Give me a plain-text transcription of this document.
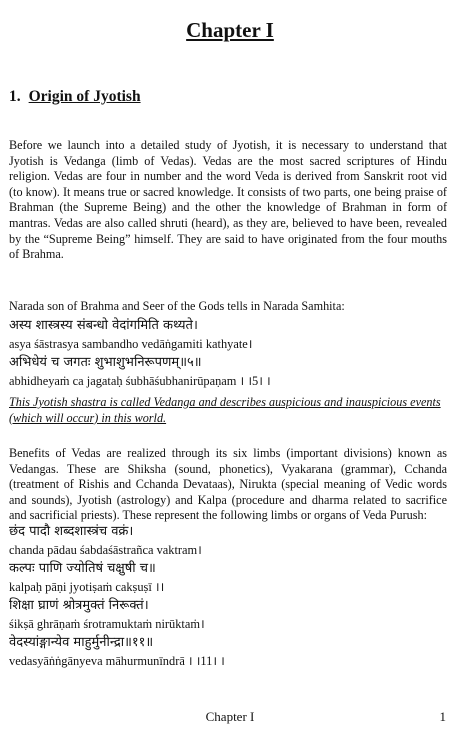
Chapter I
1. Origin of Jyotish

Before we launch into a detailed study of Jyotish, it is necessary to understand that Jyotish is Vedanga (limb of Vedas). Vedas are the most sacred scriptures of Hindu religion. Vedas are four in number and the word Veda is derived from Sanskrit root vid (to know). It means true or sacred knowledge. It consists of two parts, one being praise of Brahman (the Supreme Being) and the other the knowledge of Brahman in form of mantras. Vedas are also called shruti (heard), as they are, believed to have been, revealed by the “Supreme Being” himself. They are said to have originated from the four mouths of Brahma.

Narada son of Brahma and Seer of the Gods tells in Narada Samhita:

अस्य शास्त्रस्य संबन्धो वेदांगमिति कथ्यते।
asya śāstrasya sambandho vedāṅgamiti kathyate।
अभिधेयं च जगतः शुभाशुभनिरूपणम्॥५॥
abhidheyaṁ ca jagataḥ śubhāśubhanirūpaṇam । ।5। ।

This Jyotish shastra is called Vedanga and describes auspicious and inauspicious events (which will occur) in this world.

Benefits of Vedas are realized through its six limbs (important divisions) known as Vedangas. These are Shiksha (sound, phonetics), Vyakarana (grammar), Cchanda (treatment of Rishis and Cchanda Devataas), Nirukta (special meaning of Vedic words and sounds), Jyotish (astrology) and Kalpa (procedure and dharma related to sacrifice and sacrificial priests). These represent the following limbs or organs of Veda Purush:

छंद पादौ शब्दशास्त्रंच वक्रं।
chanda pādau śabdaśāstrañca vaktram।
कल्पः पाणि ज्योतिषं चक्षुषी च॥
kalpaḥ pāṇi jyotiṣaṁ cakṣuṣī ।।
शिक्षा घ्राणं श्रोत्रमुक्तं निरूक्तं।
śikṣā ghrāṇaṁ śrotramuktaṁ nirūktaṁ।
वेदस्यांङ्गान्येव माहुर्मुनीन्द्रा॥११॥
vedasyāṅṅgānyeva māhurmunīndrā । ।11। ।
Chapter I	1
